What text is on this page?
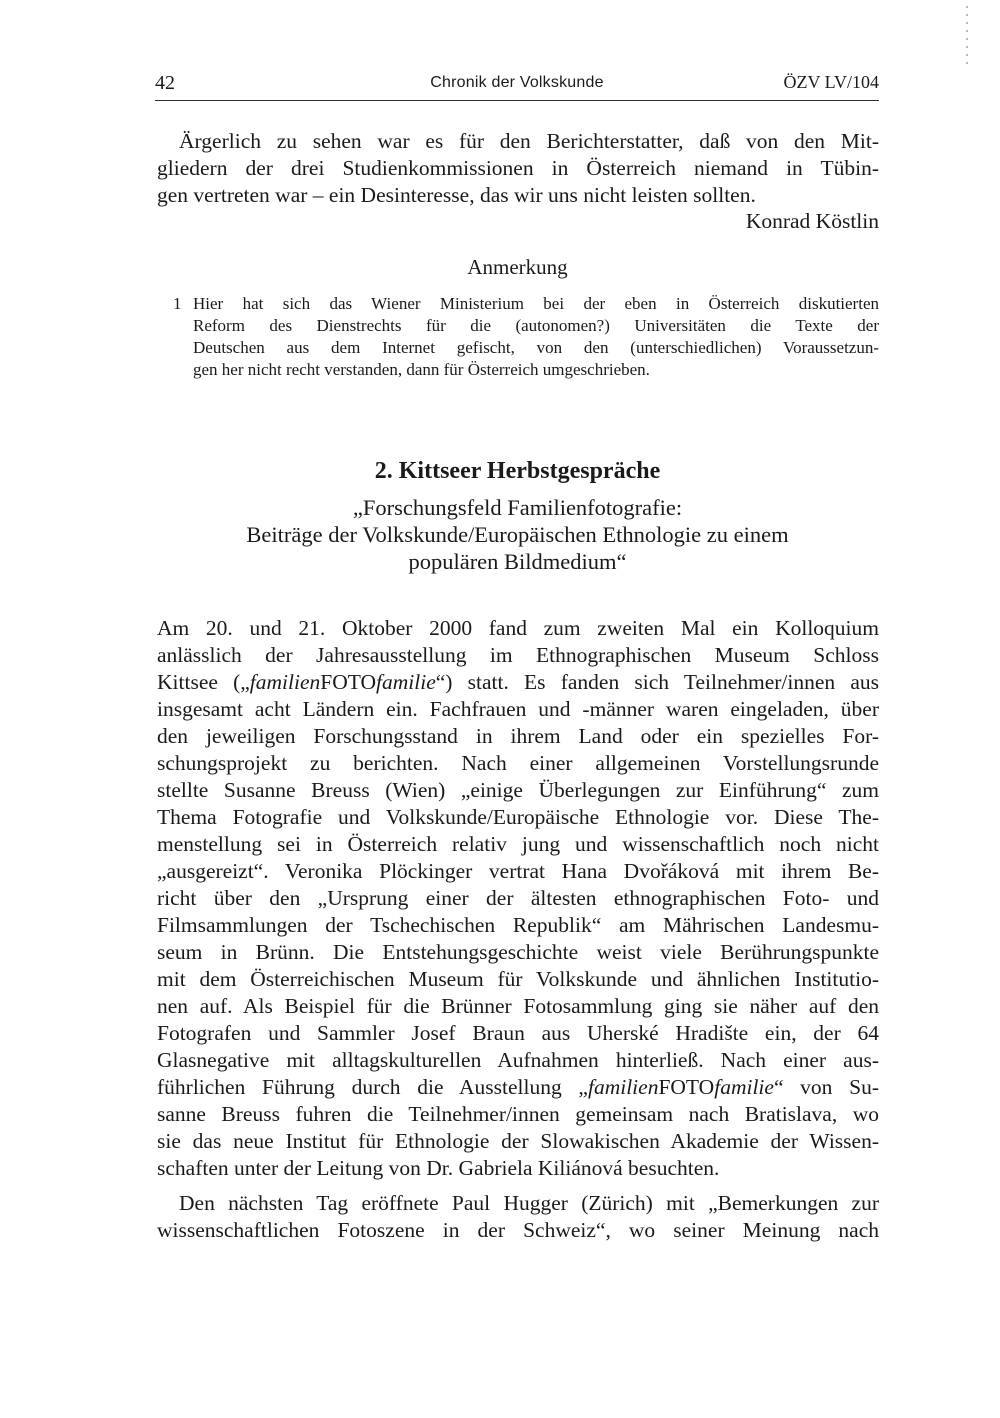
42	Chronik der Volkskunde	ÖZV LV/104
Ärgerlich zu sehen war es für den Berichterstatter, daß von den Mit-
gliedern der drei Studienkommissionen in Österreich niemand in Tübin-
gen vertreten war – ein Desinteresse, das wir uns nicht leisten sollten.
Konrad Köstlin
Anmerkung
1 Hier hat sich das Wiener Ministerium bei der eben in Österreich diskutierten
Reform des Dienstrechts für die (autonomen?) Universitäten die Texte der
Deutschen aus dem Internet gefischt, von den (unterschiedlichen) Voraussetzun-
gen her nicht recht verstanden, dann für Österreich umgeschrieben.
2. Kittseer Herbstgespräche
„Forschungsfeld Familienfotografie:
Beiträge der Volkskunde/Europäischen Ethnologie zu einem
populären Bildmedium“
Am 20. und 21. Oktober 2000 fand zum zweiten Mal ein Kolloquium
anlässlich der Jahresausstellung im Ethnographischen Museum Schloss
Kittsee („familienFOTOfamilie“) statt. Es fanden sich Teilnehmer/innen aus
insgesamt acht Ländern ein. Fachfrauen und -männer waren eingeladen, über
den jeweiligen Forschungsstand in ihrem Land oder ein spezielles For-
schungsprojekt zu berichten. Nach einer allgemeinen Vorstellungsrunde
stellte Susanne Breuss (Wien) „einige Überlegungen zur Einführung“ zum
Thema Fotografie und Volkskunde/Europäische Ethnologie vor. Diese The-
menstellung sei in Österreich relativ jung und wissenschaftlich noch nicht
„ausgereizt“. Veronika Plöckinger vertrat Hana Dvořáková mit ihrem Be-
richt über den „Ursprung einer der ältesten ethnographischen Foto- und
Filmsammlungen der Tschechischen Republik“ am Mährischen Landesmu-
seum in Brünn. Die Entstehungsgeschichte weist viele Berührungspunkte
mit dem Österreichischen Museum für Volkskunde und ähnlichen Institutio-
nen auf. Als Beispiel für die Brünner Fotosammlung ging sie näher auf den
Fotografen und Sammler Josef Braun aus Uherské Hradište ein, der 64
Glasnegative mit alltagskulturellen Aufnahmen hinterließ. Nach einer aus-
führlichen Führung durch die Ausstellung „familienFOTOfamilie“ von Su-
sanne Breuss fuhren die Teilnehmer/innen gemeinsam nach Bratislava, wo
sie das neue Institut für Ethnologie der Slowakischen Akademie der Wissen-
schaften unter der Leitung von Dr. Gabriela Kiliánová besuchten.
Den nächsten Tag eröffnete Paul Hugger (Zürich) mit „Bemerkungen zur
wissenschaftlichen Fotoszene in der Schweiz“, wo seiner Meinung nach
